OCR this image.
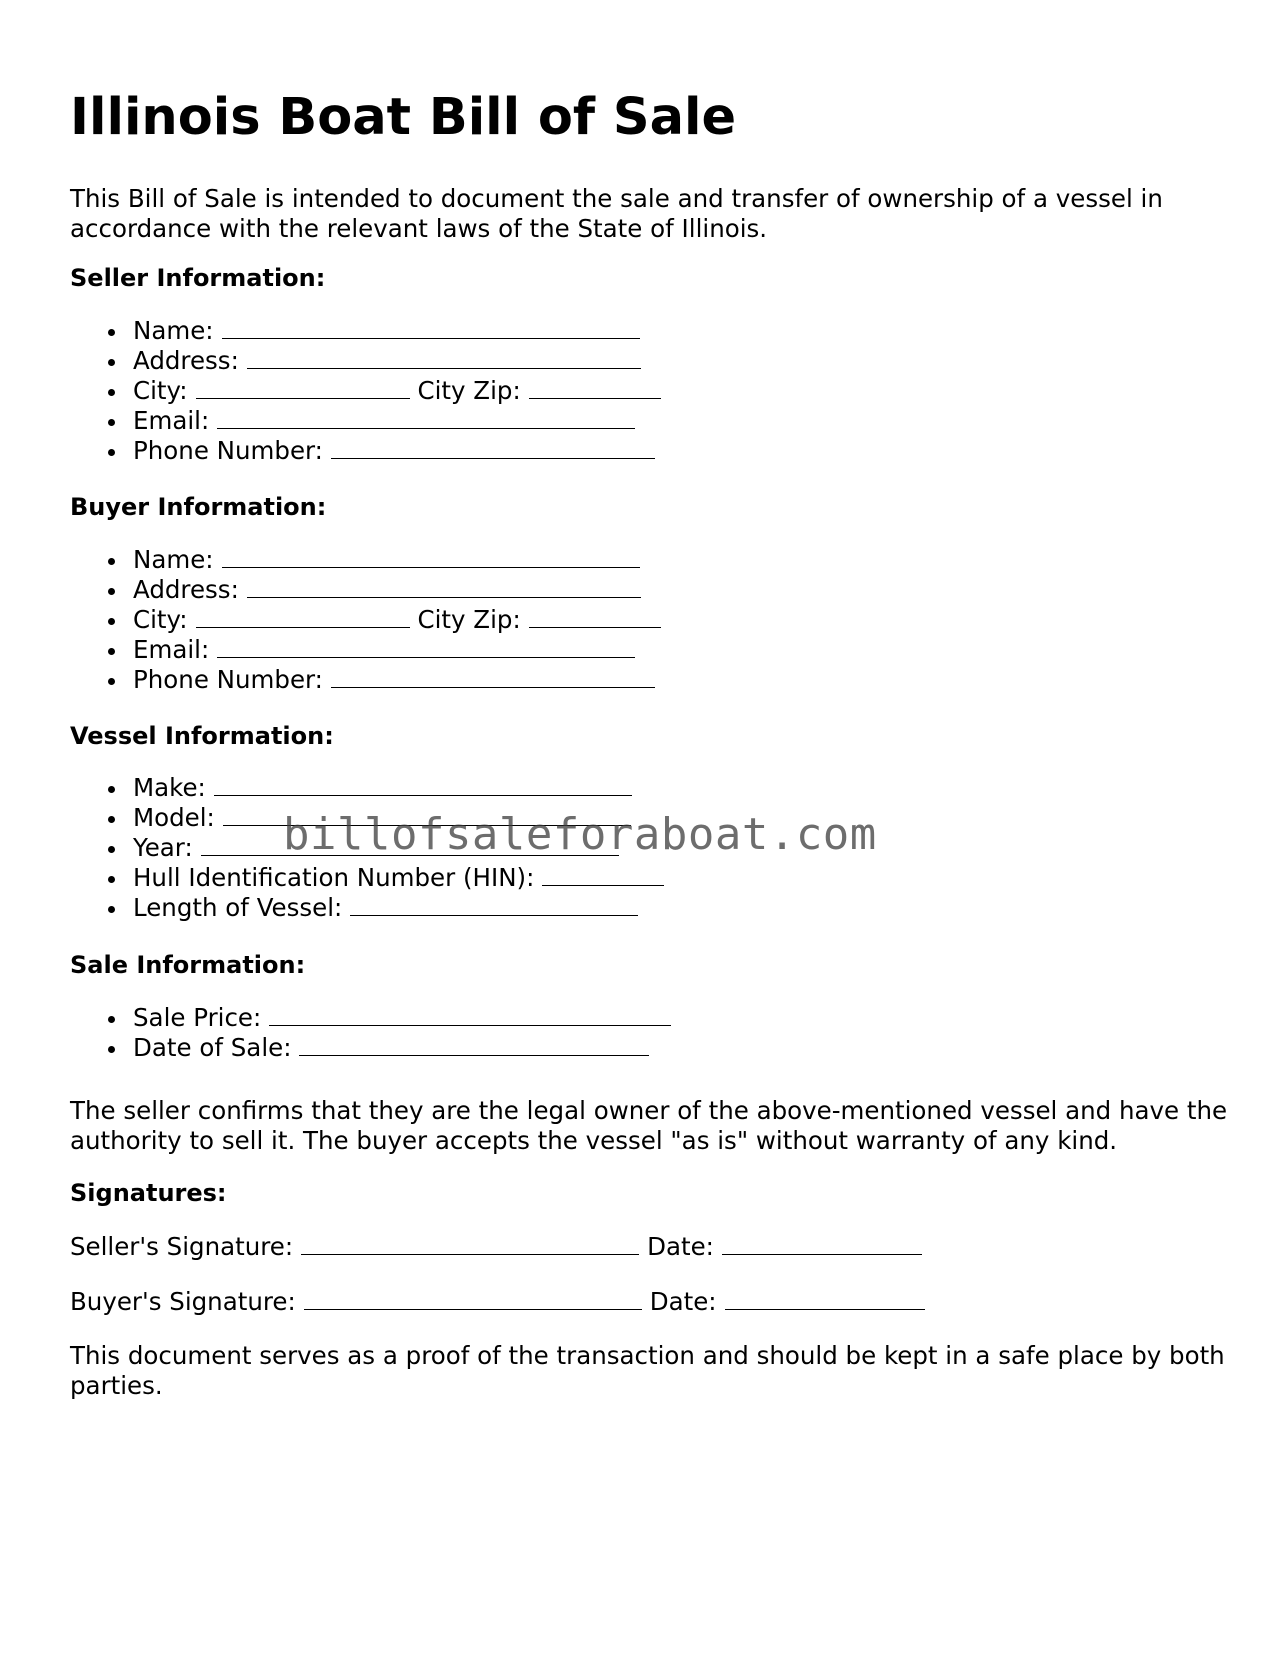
Illinois Boat Bill of Sale

This Bill of Sale is intended to document the sale and transfer of ownership of a vessel in accordance with the relevant laws of the State of Illinois.

Seller Information:
Name:
Address:
City:	City Zip:
Email:
Phone Number:
Buyer Information:
Name:
Address:
City:	City Zip:
Email:
Phone Number:
Vessel Information:
Make:
Model:
Year:
Hull Identification Number (HIN):
Length of Vessel:
Sale Information:
Sale Price:
Date of Sale:

The seller confirms that they are the legal owner of the above-mentioned vessel and have the authority to sell it. The buyer accepts the vessel "as is" without warranty of any kind.

Signatures:
Seller's Signature:	Date:
Buyer's Signature:	Date:

This document serves as a proof of the transaction and should be kept in a safe place by both parties.

billofsaleforaboat.com
